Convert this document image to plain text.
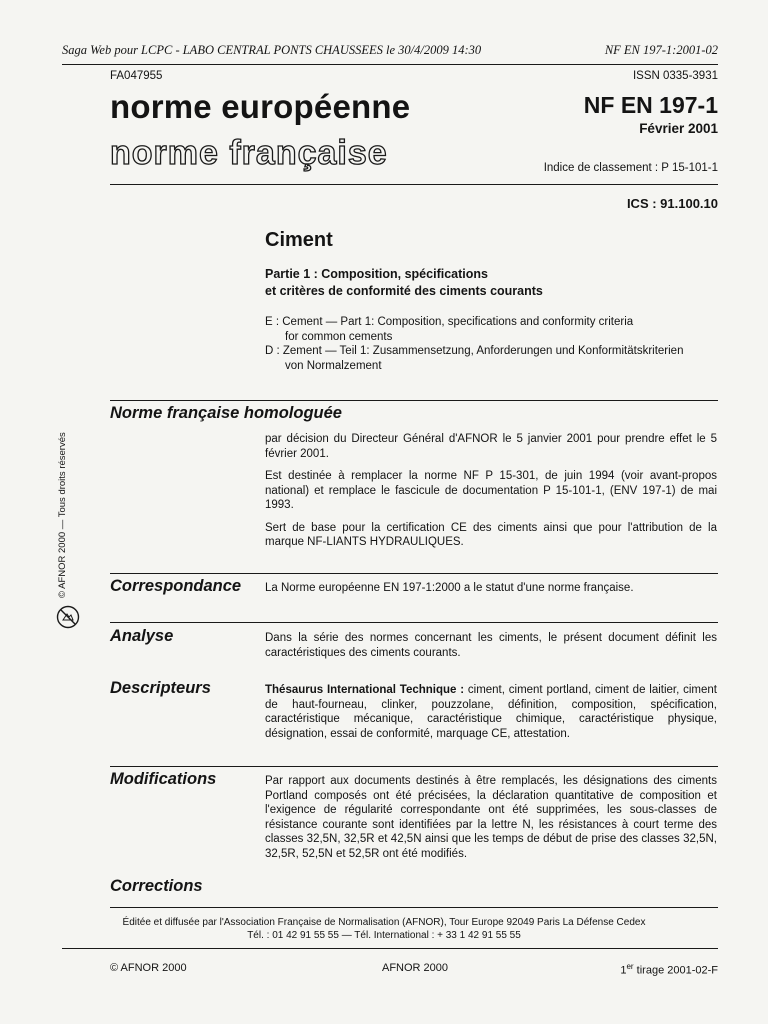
Saga Web pour LCPC - LABO CENTRAL PONTS CHAUSSEES le 30/4/2009 14:30	NF EN 197-1:2001-02
FA047955	ISSN 0335-3931
norme européenne
norme française
NF EN 197-1
Février 2001
Indice de classement : P 15-101-1
ICS : 91.100.10
Ciment
Partie 1 : Composition, spécifications
et critères de conformité des ciments courants
E : Cement — Part 1: Composition, specifications and conformity criteria
for common cements
D : Zement — Teil 1: Zusammensetzung, Anforderungen und Konformitätskriterien
von Normalzement
© AFNOR 2000 — Tous droits réservés
Norme française homologuée

par décision du Directeur Général d'AFNOR le 5 janvier 2001 pour prendre effet le 5 février 2001.

Est destinée à remplacer la norme NF P 15-301, de juin 1994 (voir avant-propos national) et remplace le fascicule de documentation P 15-101-1, (ENV 197-1) de mai 1993.

Sert de base pour la certification CE des ciments ainsi que pour l'attribution de la marque NF-LIANTS HYDRAULIQUES.

Correspondance La Norme européenne EN 197-1:2000 a le statut d'une norme française.
Analyse	Dans la série des normes concernant les ciments, le présent document définit les caractéristiques des ciments courants.
Descripteurs	Thésaurus International Technique : ciment, ciment portland, ciment de laitier, ciment de haut-fourneau, clinker, pouzzolane, définition, composition, spécification, caractéristique mécanique, caractéristique chimique, caractéristique physique, désignation, essai de conformité, marquage CE, attestation.
Modifications	Par rapport aux documents destinés à être remplacés, les désignations des ciments Portland composés ont été précisées, la déclaration quantitative de composition et l'exigence de régularité correspondante ont été supprimées, les sous-classes de résistance courante sont identifiées par la lettre N, les résistances à court terme des classes 32,5N, 32,5R et 42,5N ainsi que les temps de début de prise des classes 32,5N, 32,5R, 52,5N et 52,5R ont été modifiés.
Corrections
Éditée et diffusée par l'Association Française de Normalisation (AFNOR), Tour Europe 92049 Paris La Défense Cedex
Tél. : 01 42 91 55 55 — Tél. International : + 33 1 42 91 55 55
© AFNOR 2000	AFNOR 2000	1er tirage 2001-02-F
